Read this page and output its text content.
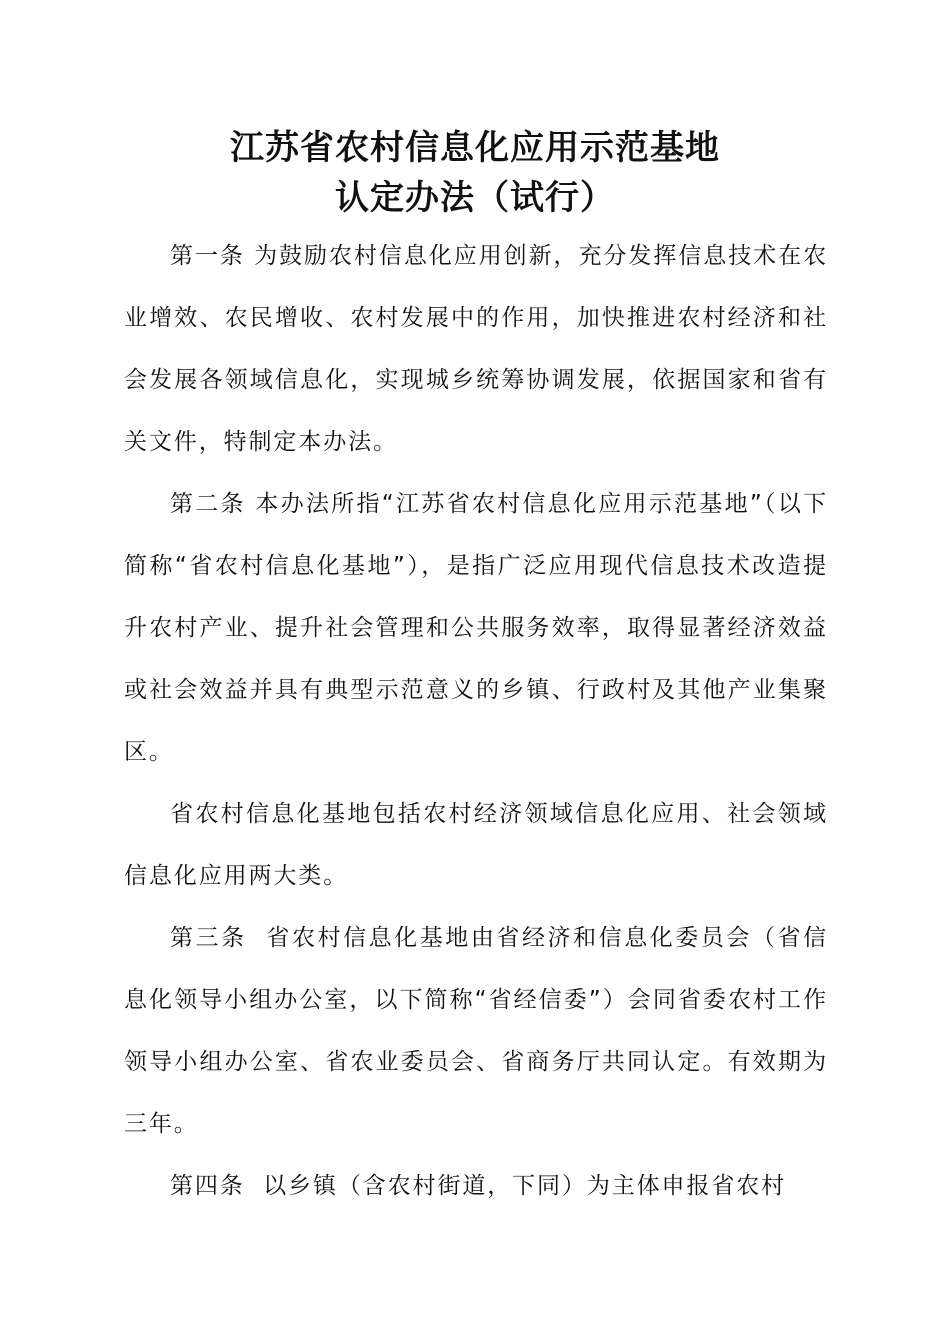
江苏省农村信息化应用示范基地
认定办法（试行）

第一条 为鼓励农村信息化应用创新，充分发挥信息技术在农业增效、农民增收、农村发展中的作用，加快推进农村经济和社会发展各领域信息化，实现城乡统筹协调发展，依据国家和省有关文件，特制定本办法。

第二条 本办法所指“江苏省农村信息化应用示范基地”（以下简称“省农村信息化基地”），是指广泛应用现代信息技术改造提升农村产业、提升社会管理和公共服务效率，取得显著经济效益或社会效益并具有典型示范意义的乡镇、行政村及其他产业集聚区。

省农村信息化基地包括农村经济领域信息化应用、社会领域信息化应用两大类。

第三条  省农村信息化基地由省经济和信息化委员会（省信息化领导小组办公室，以下简称“省经信委”）会同省委农村工作领导小组办公室、省农业委员会、省商务厅共同认定。有效期为三年。

第四条  以乡镇（含农村街道，下同）为主体申报省农村
